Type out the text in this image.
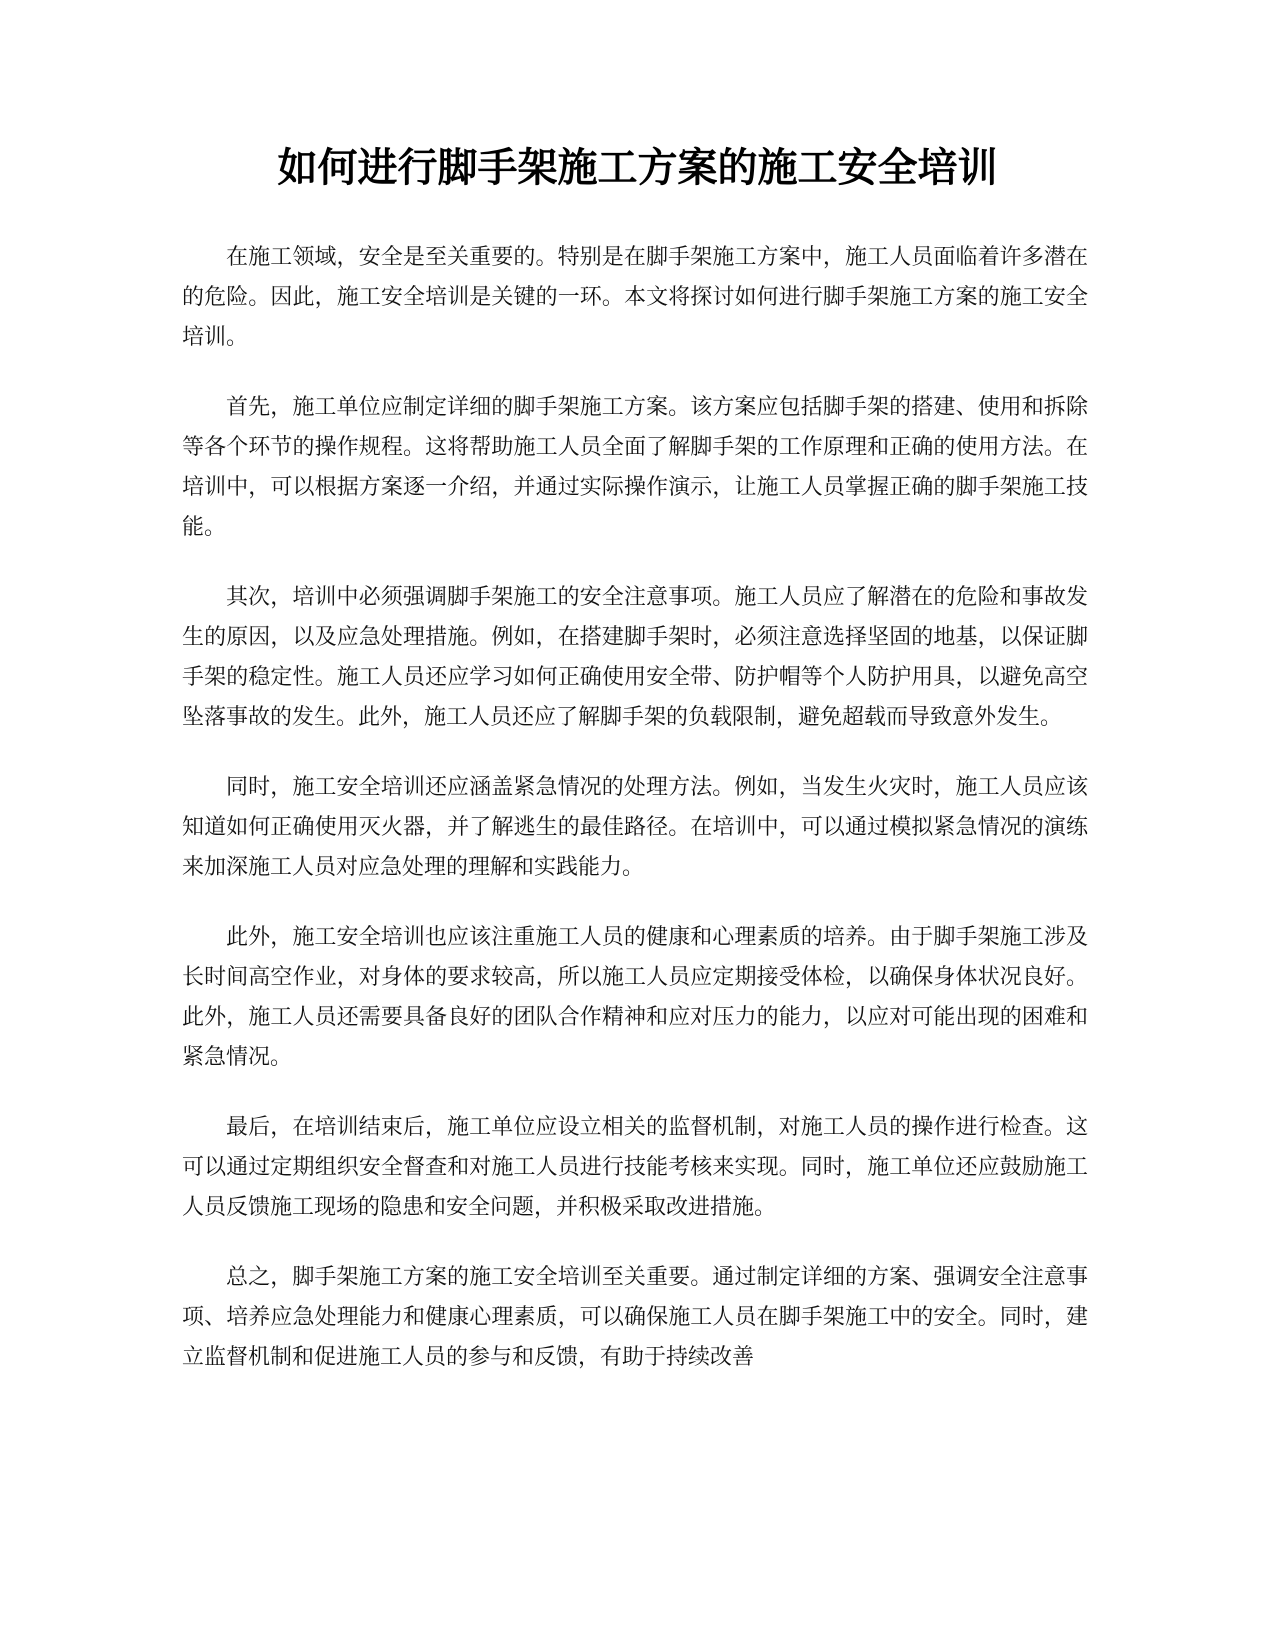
如何进行脚手架施工方案的施工安全培训

在施工领域，安全是至关重要的。特别是在脚手架施工方案中，施工人员面临着许多潜在的危险。因此，施工安全培训是关键的一环。本文将探讨如何进行脚手架施工方案的施工安全培训。

首先，施工单位应制定详细的脚手架施工方案。该方案应包括脚手架的搭建、使用和拆除等各个环节的操作规程。这将帮助施工人员全面了解脚手架的工作原理和正确的使用方法。在培训中，可以根据方案逐一介绍，并通过实际操作演示，让施工人员掌握正确的脚手架施工技能。

其次，培训中必须强调脚手架施工的安全注意事项。施工人员应了解潜在的危险和事故发生的原因，以及应急处理措施。例如，在搭建脚手架时，必须注意选择坚固的地基，以保证脚手架的稳定性。施工人员还应学习如何正确使用安全带、防护帽等个人防护用具，以避免高空坠落事故的发生。此外，施工人员还应了解脚手架的负载限制，避免超载而导致意外发生。

同时，施工安全培训还应涵盖紧急情况的处理方法。例如，当发生火灾时，施工人员应该知道如何正确使用灭火器，并了解逃生的最佳路径。在培训中，可以通过模拟紧急情况的演练来加深施工人员对应急处理的理解和实践能力。

此外，施工安全培训也应该注重施工人员的健康和心理素质的培养。由于脚手架施工涉及长时间高空作业，对身体的要求较高，所以施工人员应定期接受体检，以确保身体状况良好。此外，施工人员还需要具备良好的团队合作精神和应对压力的能力，以应对可能出现的困难和紧急情况。

最后，在培训结束后，施工单位应设立相关的监督机制，对施工人员的操作进行检查。这可以通过定期组织安全督查和对施工人员进行技能考核来实现。同时，施工单位还应鼓励施工人员反馈施工现场的隐患和安全问题，并积极采取改进措施。

总之，脚手架施工方案的施工安全培训至关重要。通过制定详细的方案、强调安全注意事项、培养应急处理能力和健康心理素质，可以确保施工人员在脚手架施工中的安全。同时，建立监督机制和促进施工人员的参与和反馈，有助于持续改善
